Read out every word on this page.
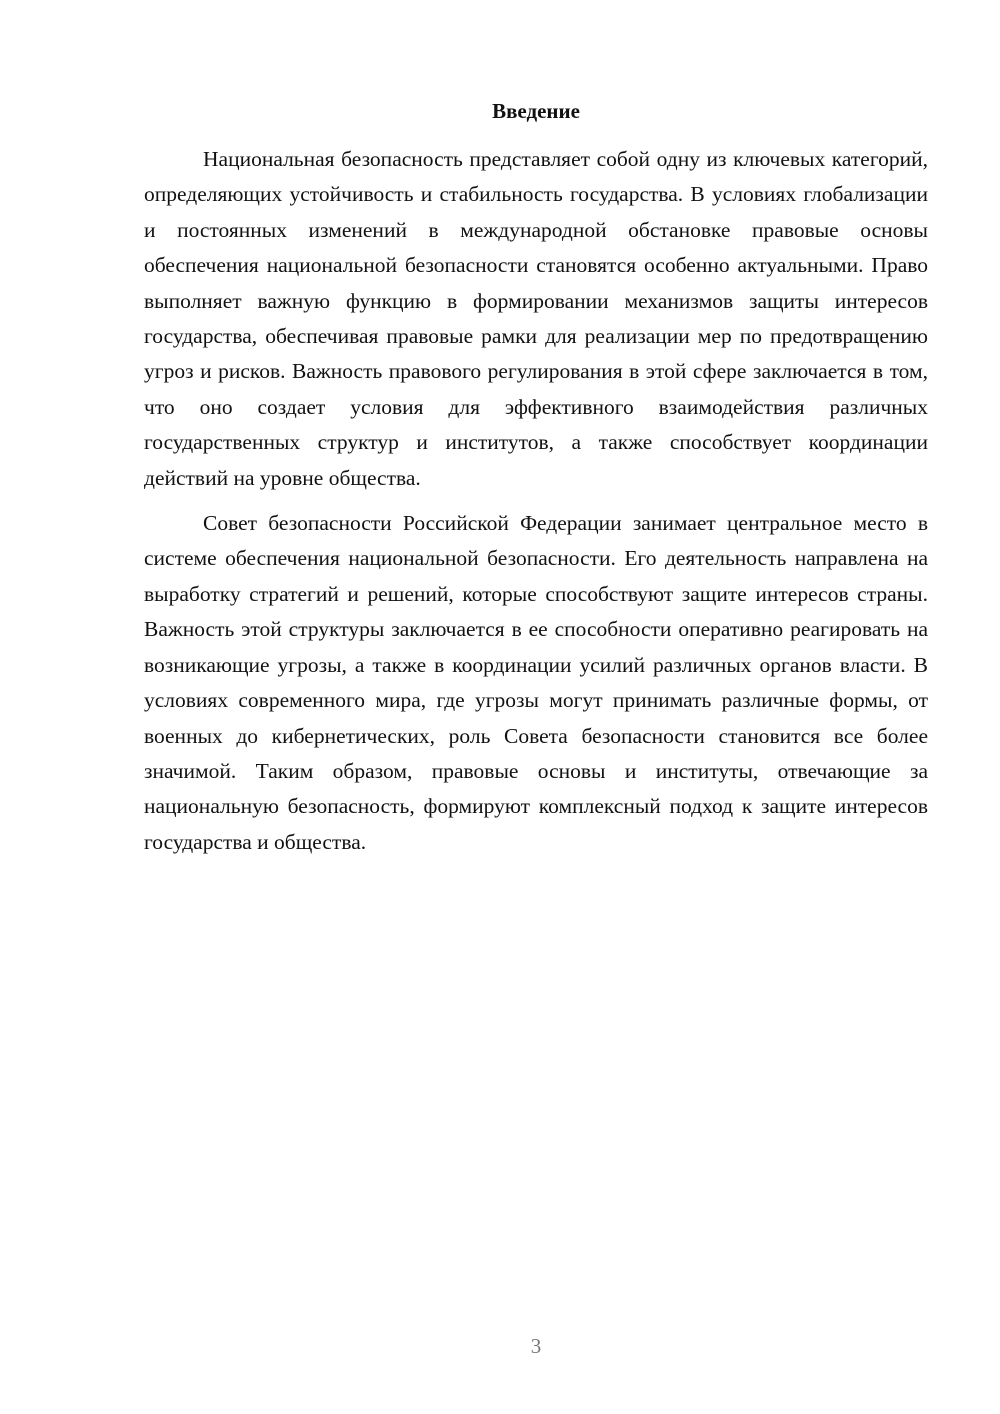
Введение

Национальная безопасность представляет собой одну из ключевых категорий, определяющих устойчивость и стабильность государства. В условиях глобализации и постоянных изменений в международной обстановке правовые основы обеспечения национальной безопасности становятся особенно актуальными. Право выполняет важную функцию в формировании механизмов защиты интересов государства, обеспечивая правовые рамки для реализации мер по предотвращению угроз и рисков. Важность правового регулирования в этой сфере заключается в том, что оно создает условия для эффективного взаимодействия различных государственных структур и институтов, а также способствует координации действий на уровне общества.

Совет безопасности Российской Федерации занимает центральное место в системе обеспечения национальной безопасности. Его деятельность направлена на выработку стратегий и решений, которые способствуют защите интересов страны. Важность этой структуры заключается в ее способности оперативно реагировать на возникающие угрозы, а также в координации усилий различных органов власти. В условиях современного мира, где угрозы могут принимать различные формы, от военных до кибернетических, роль Совета безопасности становится все более значимой. Таким образом, правовые основы и институты, отвечающие за национальную безопасность, формируют комплексный подход к защите интересов государства и общества.

3
